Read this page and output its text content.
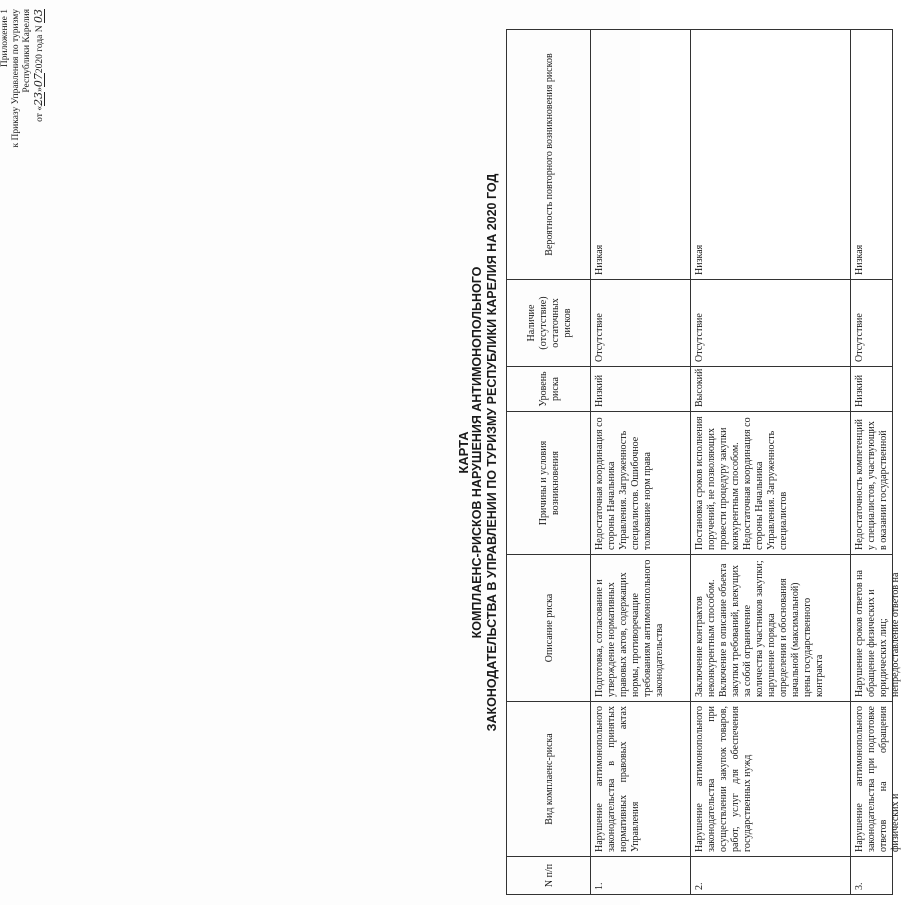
Приложение 1 к Приказу Управления по туризму Республики Карелия
от «23»072020 года N 03
КАРТА КОМПЛАЕНС-РИСКОВ НАРУШЕНИЯ АНТИМОНОПОЛЬНОГО ЗАКОНОДАТЕЛЬСТВА В УПРАВЛЕНИИ ПО ТУРИЗМУ РЕСПУБЛИКИ КАРЕЛИЯ НА 2020 ГОД
N п/п	Вид комплаенс-риска	Описание риска	Причины и условия возникновения	Уровень риска	Наличие (отсутствие) остаточных рисков	Вероятность повторного возникновения рисков
1.	Нарушение антимонопольного законодательства в принятых нормативных правовых актах Управления	Подготовка, согласование и утверждение нормативных правовых актов, содержащих нормы, противоречащие требованиям антимонопольного законодательства	Недостаточная координация со стороны Начальника Управления. Загруженность специалистов. Ошибочное толкование норм права	Низкий	Отсутствие	Низкая
2.	Нарушение антимонопольного законодательства при осуществлении закупок товаров, работ, услуг для обеспечения государственных нужд	Заключение контрактов неконкурентным способом. Включение в описание объекта закупки требований, влекущих за собой ограничение количества участников закупки; нарушение порядка определения и обоснования начальной (максимальной) цены государственного контракта	Постановка сроков исполнения поручений, не позволяющих провести процедуру закупки конкурентным способом. Недостаточная координация со стороны Начальника Управления. Загруженность специалистов	Высокий	Отсутствие	Низкая

3.	Нарушение антимонопольного законодательства при подготовке ответов на обращения физических и	Нарушение сроков ответов на обращение физических и юридических лиц; непредоставление ответов на	Недостаточность компетенций у специалистов, участвующих в оказании государственной	Низкий	Отсутствие	Низкая
